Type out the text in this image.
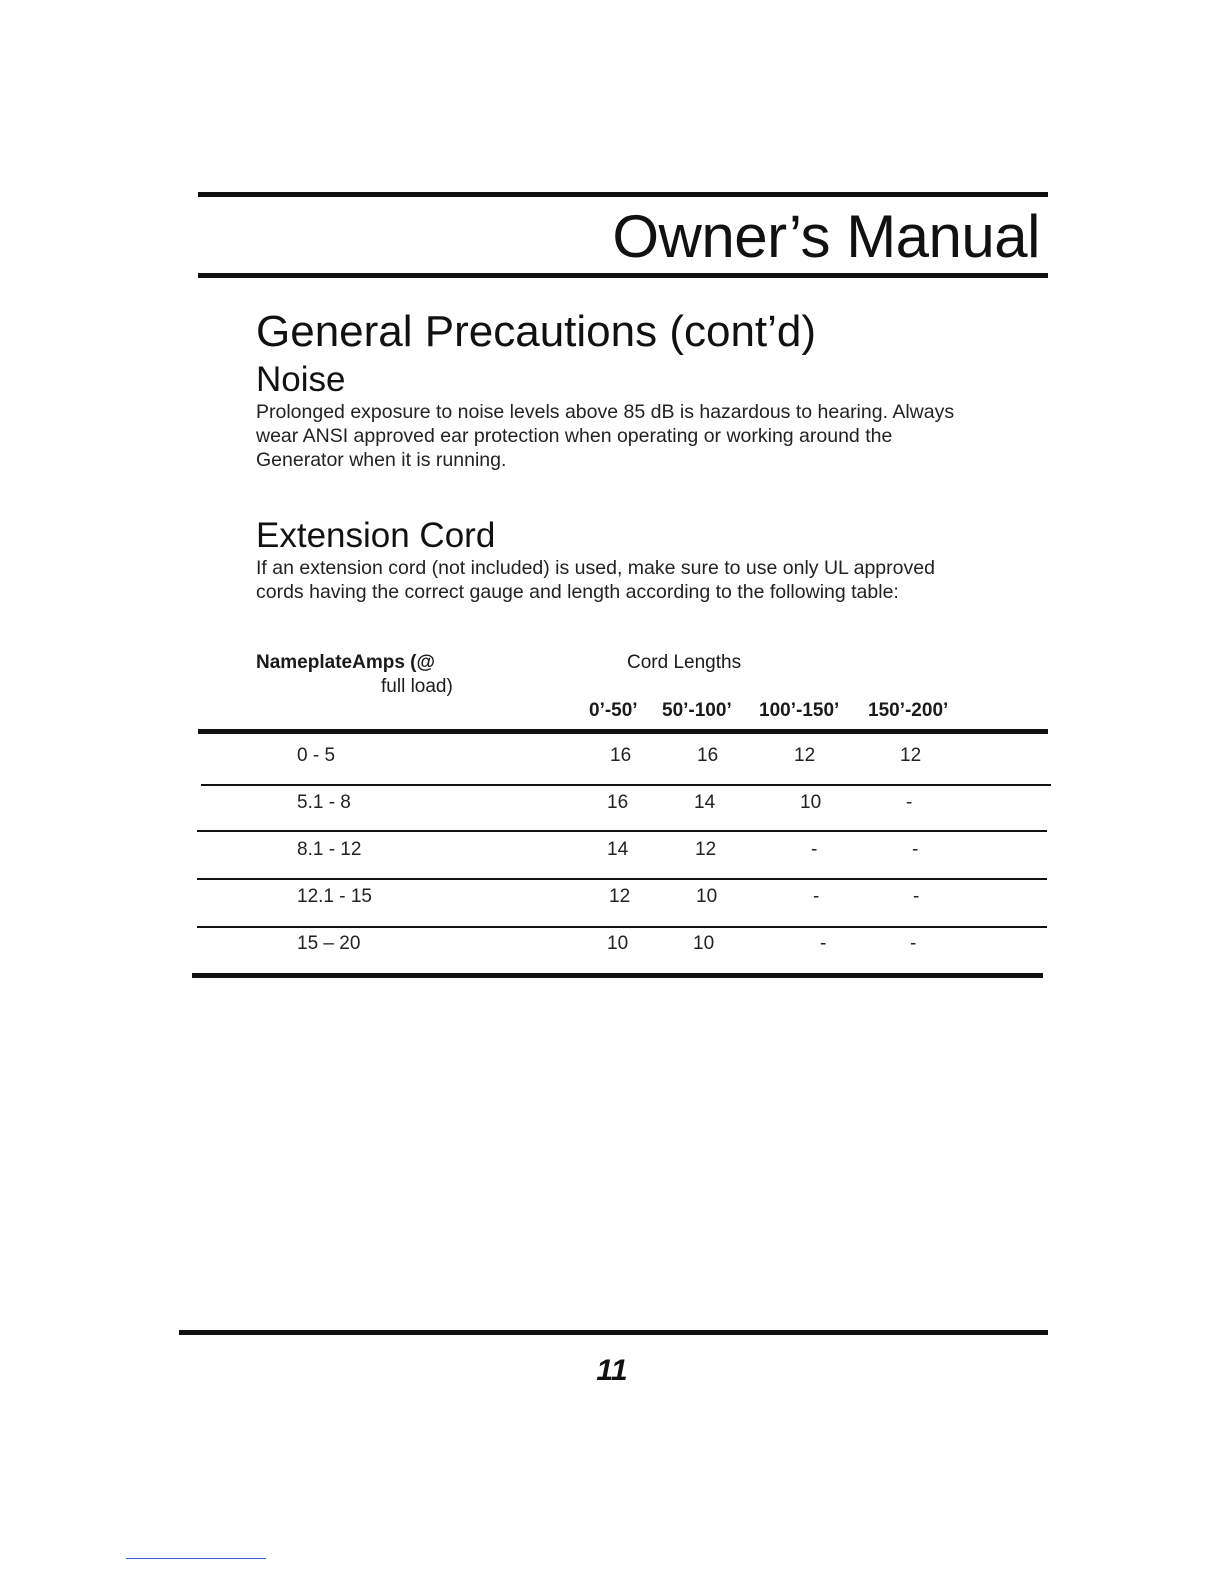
Owner’s Manual
General Precautions (cont’d)
Noise

Prolonged exposure to noise levels above 85 dB is hazardous to hearing. Always wear ANSI approved ear protection when operating or working around the Generator when it is running.

Extension Cord

If an extension cord (not included) is used, make sure to use only UL approved cords having the correct gauge and length according to the following table:

NameplateAmps (@
full load)
Cord Lengths
0’-50’ 50’-100’ 100’-150’ 150’-200’
0 - 5	16	16	12	12
5.1 - 8	16	14	10	-
8.1 - 12	14	12	-	-
12.1 - 15	12	10	-	-
15 – 20	10	10	-	-
11
